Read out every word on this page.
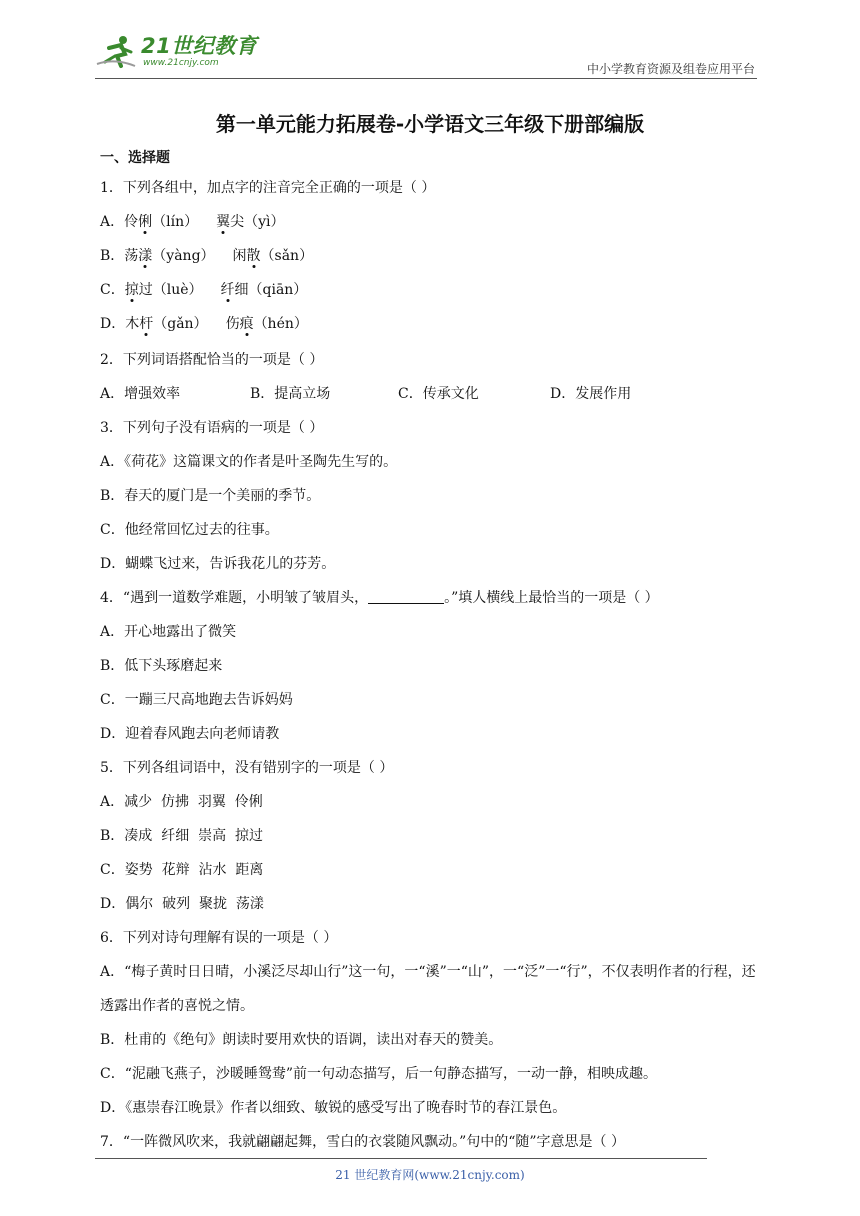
21世纪教育
www.21cnjy.com	中小学教育资源及组卷应用平台
第一单元能力拓展卷-小学语文三年级下册部编版
一、选择题
1．下列各组中，加点字的注音完全正确的一项是（ ）
A．伶俐（lín） 翼尖（yì）
B．荡漾（yàng） 闲散（sǎn）
C．掠过（luè） 纤细（qiān）
D．木杆（gǎn） 伤痕（hén）
2．下列词语搭配恰当的一项是（ ）
A．增强效率	B．提高立场	C．传承文化	D．发展作用
3．下列句子没有语病的一项是（ ）
A．《荷花》这篇课文的作者是叶圣陶先生写的。
B．春天的厦门是一个美丽的季节。
C．他经常回忆过去的往事。
D．蝴蝶飞过来，告诉我花儿的芬芳。
4．“遇到一道数学难题，小明皱了皱眉头，	。”填人横线上最恰当的一项是（ ）
A．开心地露出了微笑
B．低下头琢磨起来
C．一蹦三尺高地跑去告诉妈妈
D．迎着春风跑去向老师请教
5．下列各组词语中，没有错别字的一项是（ ）
A．减少  仿拂  羽翼  伶俐
B．凑成  纤细  崇高  掠过
C．姿势  花辩  沾水  距离
D．偶尔  破列  聚拢  荡漾
6．下列对诗句理解有误的一项是（ ）
A．“梅子黄时日日晴，小溪泛尽却山行”这一句，一“溪”一“山”，一“泛”一“行”，不仅表明作者的行程，还透露出作者的喜悦之情。
B．杜甫的《绝句》朗读时要用欢快的语调，读出对春天的赞美。
C．“泥融飞燕子，沙暖睡鸳鸯”前一句动态描写，后一句静态描写，一动一静，相映成趣。
D．《惠崇春江晚景》作者以细致、敏锐的感受写出了晚春时节的春江景色。
7．“一阵微风吹来，我就翩翩起舞，雪白的衣裳随风飘动。”句中的“随”字意思是（ ）
21 世纪教育网(www.21cnjy.com)
